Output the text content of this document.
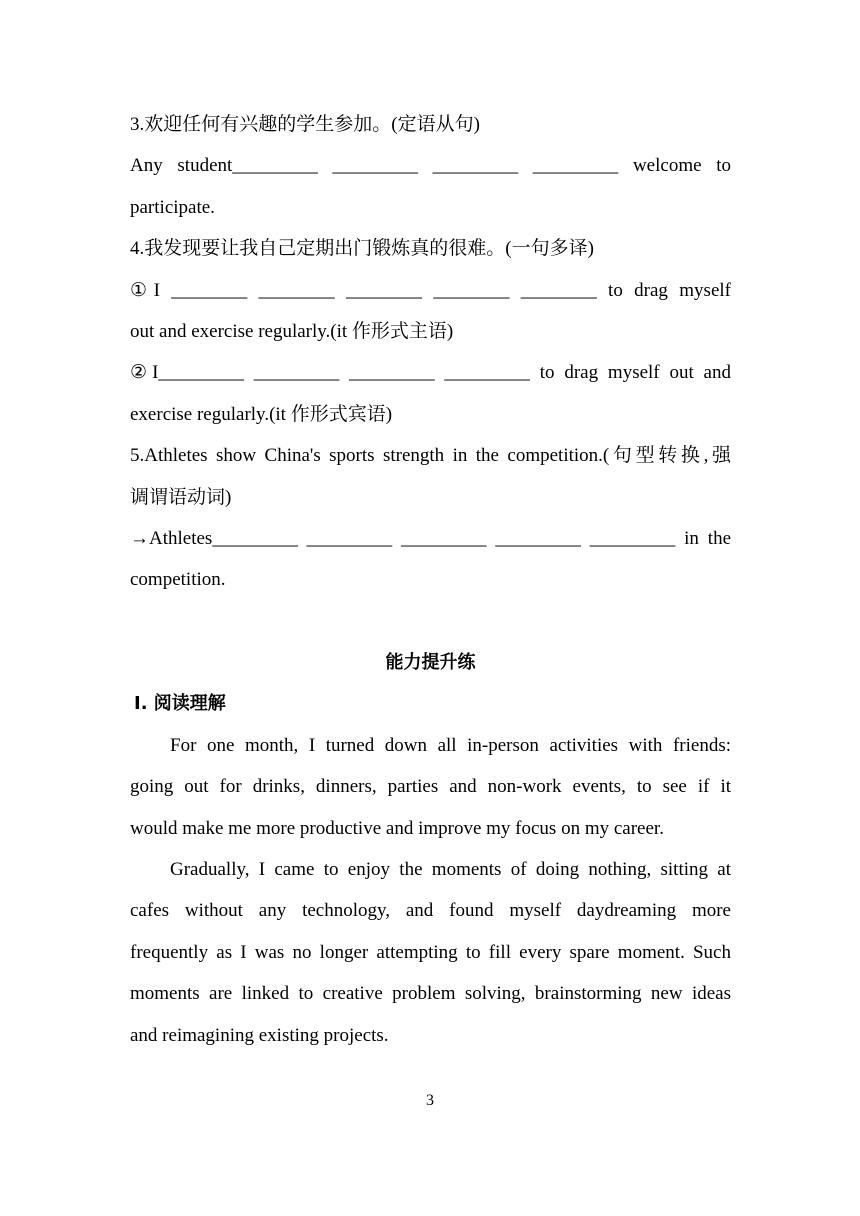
3.欢迎任何有兴趣的学生参加。(定语从句)
Any student_________ _________ _________ _________ welcome to
participate.
4.我发现要让我自己定期出门锻炼真的很难。(一句多译)
①I ________ ________ ________ ________ ________ to drag myself
out and exercise regularly.(it 作形式主语)
②I_________ _________ _________ _________ to drag myself out and
exercise regularly.(it 作形式宾语)
5.Athletes show China's sports strength in the competition.(句型转换,强
调谓语动词)
→Athletes_________ _________ _________ _________ _________ in the
competition.
能力提升练
Ⅰ. 阅读理解
For one month, I turned down all in-person activities with friends:
going out for drinks, dinners, parties and non-work events, to see if it
would make me more productive and improve my focus on my career.
Gradually, I came to enjoy the moments of doing nothing, sitting at
cafes without any technology, and found myself daydreaming more
frequently as I was no longer attempting to fill every spare moment. Such
moments are linked to creative problem solving, brainstorming new ideas
and reimagining existing projects.
3
